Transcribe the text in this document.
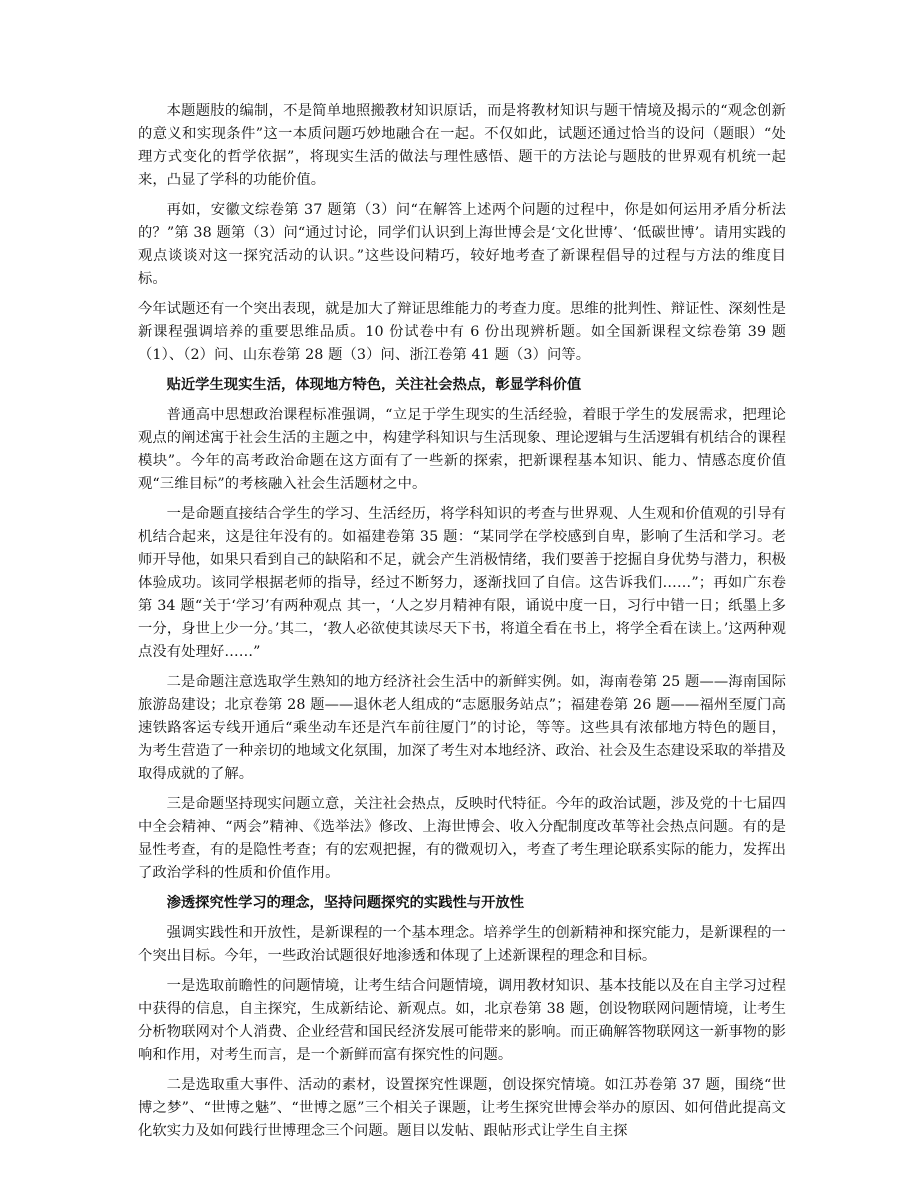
本题题肢的编制，不是简单地照搬教材知识原话，而是将教材知识与题干情境及揭示的“观念创新的意义和实现条件”这一本质问题巧妙地融合在一起。不仅如此，试题还通过恰当的设问（题眼）“处理方式变化的哲学依据”，将现实生活的做法与理性感悟、题干的方法论与题肢的世界观有机统一起来，凸显了学科的功能价值。

再如，安徽文综卷第 37 题第（3）问“在解答上述两个问题的过程中，你是如何运用矛盾分析法的？”第 38 题第（3）问“通过讨论，同学们认识到上海世博会是‘文化世博’、‘低碳世博’。请用实践的观点谈谈对这一探究活动的认识。”这些设问精巧，较好地考查了新课程倡导的过程与方法的维度目标。

今年试题还有一个突出表现，就是加大了辩证思维能力的考查力度。思维的批判性、辩证性、深刻性是新课程强调培养的重要思维品质。10 份试卷中有 6 份出现辨析题。如全国新课程文综卷第 39 题（1）、（2）问、山东卷第 28 题（3）问、浙江卷第 41 题（3）问等。

贴近学生现实生活，体现地方特色，关注社会热点，彰显学科价值

普通高中思想政治课程标准强调，“立足于学生现实的生活经验，着眼于学生的发展需求，把理论观点的阐述寓于社会生活的主题之中，构建学科知识与生活现象、理论逻辑与生活逻辑有机结合的课程模块”。今年的高考政治命题在这方面有了一些新的探索，把新课程基本知识、能力、情感态度价值观“三维目标”的考核融入社会生活题材之中。

一是命题直接结合学生的学习、生活经历，将学科知识的考查与世界观、人生观和价值观的引导有机结合起来，这是往年没有的。如福建卷第 35 题：“某同学在学校感到自卑，影响了生活和学习。老师开导他，如果只看到自己的缺陷和不足，就会产生消极情绪，我们要善于挖掘自身优势与潜力，积极体验成功。该同学根据老师的指导，经过不断努力，逐渐找回了自信。这告诉我们……”；再如广东卷第 34 题“关于‘学习’有两种观点 其一，‘人之岁月精神有限，诵说中度一日，习行中错一日；纸墨上多一分，身世上少一分。’其二，‘教人必欲使其读尽天下书，将道全看在书上，将学全看在读上。’这两种观点没有处理好……”

二是命题注意选取学生熟知的地方经济社会生活中的新鲜实例。如，海南卷第 25 题——海南国际旅游岛建设；北京卷第 28 题——退休老人组成的“志愿服务站点”；福建卷第 26 题——福州至厦门高速铁路客运专线开通后“乘坐动车还是汽车前往厦门”的讨论，等等。这些具有浓郁地方特色的题目，为考生营造了一种亲切的地域文化氛围，加深了考生对本地经济、政治、社会及生态建设采取的举措及取得成就的了解。

三是命题坚持现实问题立意，关注社会热点，反映时代特征。今年的政治试题，涉及党的十七届四中全会精神、“两会”精神、《选举法》修改、上海世博会、收入分配制度改革等社会热点问题。有的是显性考查，有的是隐性考查；有的宏观把握，有的微观切入，考查了考生理论联系实际的能力，发挥出了政治学科的性质和价值作用。

渗透探究性学习的理念，坚持问题探究的实践性与开放性

强调实践性和开放性，是新课程的一个基本理念。培养学生的创新精神和探究能力，是新课程的一个突出目标。今年，一些政治试题很好地渗透和体现了上述新课程的理念和目标。

一是选取前瞻性的问题情境，让考生结合问题情境，调用教材知识、基本技能以及在自主学习过程中获得的信息，自主探究，生成新结论、新观点。如，北京卷第 38 题，创设物联网问题情境，让考生分析物联网对个人消费、企业经营和国民经济发展可能带来的影响。而正确解答物联网这一新事物的影响和作用，对考生而言，是一个新鲜而富有探究性的问题。

二是选取重大事件、活动的素材，设置探究性课题，创设探究情境。如江苏卷第 37 题，围绕“世博之梦”、“世博之魅”、“世博之愿”三个相关子课题，让考生探究世博会举办的原因、如何借此提高文化软实力及如何践行世博理念三个问题。题目以发帖、跟帖形式让学生自主探
